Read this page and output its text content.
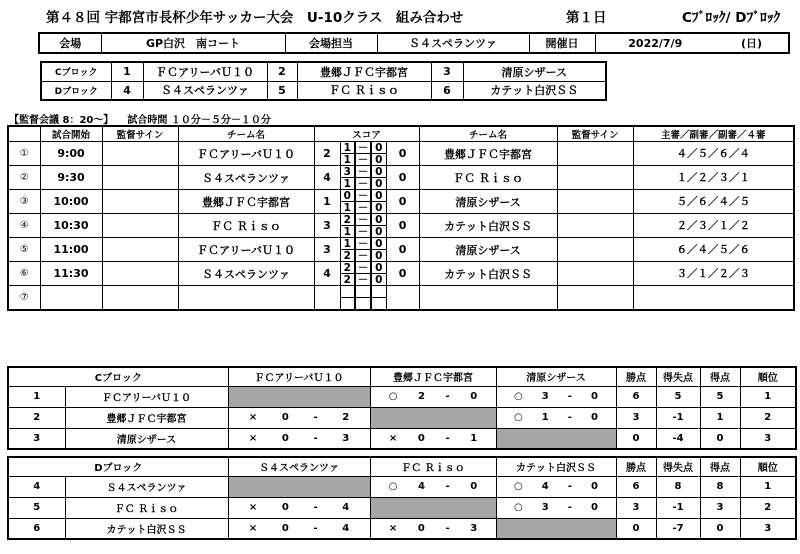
第４８回 宇都宮市長杯少年サッカー大会　U-10クラス　組み合わせ	第１日	Cﾌﾞﾛｯｸ/ Dﾌﾞﾛｯｸ
会場	GP白沢　南コート	会場担当	Ｓ４スペランツァ	開催日	2022/7/9	(日)
Cブロック	1	ＦＣアリーバＵ１０	2	豊郷ＪＦＣ宇都宮	3	清原シザース
Dブロック	4	Ｓ４スペランツァ	5	ＦＣ Ｒｉｓｏ	6	カテット白沢ＳＳ
【監督会議 8：20～】 試合時間 １０分－５分－１０分
	試合開始	監督サイン	チーム名	スコア					チーム名	監督サイン	主審／副審／副審／４審
①	9:00		ＦＣアリーバＵ１０	2	1	－	0	0	豊郷ＪＦＣ宇都宮		４／５／６／４
					1	－	0				
②	9:30		Ｓ４スペランツァ	4	3	－	0	0	ＦＣ Ｒｉｓｏ		１／２／３／１
					1	－	0				
③	10:00		豊郷ＪＦＣ宇都宮	1	0	－	0	0	清原シザース		５／６／４／５
					1	－	0				
④	10:30		ＦＣ Ｒｉｓｏ	3	2	－	0	0	カテット白沢ＳＳ		２／３／１／２
					1	－	0				
⑤	11:00		ＦＣアリーバＵ１０	3	1	－	0	0	清原シザース		６／４／５／６
					2	－	0				
⑥	11:30		Ｓ４スペランツァ	4	2	－	0	0	カテット白沢ＳＳ		３／１／２／３
					2	－	0				
⑦											

Cブロック		ＦＣアリーバＵ１０	豊郷ＪＦＣ宇都宮	清原シザース	勝点	得失点	得点	順位
1	ＦＣアリーバＵ１０		○ 2 - 0	○ 3 - 0	6	5	5	1
2	豊郷ＪＦＣ宇都宮	× 0 - 2		○ 1 - 0	3	-1	1	2
3	清原シザース	× 0 - 3	× 0 - 1		0	-4	0	3
Dブロック		Ｓ４スペランツァ	ＦＣ Ｒｉｓｏ	カテット白沢ＳＳ	勝点	得失点	得点	順位
4	Ｓ４スペランツァ		○ 4 - 0	○ 4 - 0	6	8	8	1
5	ＦＣ Ｒｉｓｏ	× 0 - 4		○ 3 - 0	3	-1	3	2
6	カテット白沢ＳＳ	× 0 - 4	× 0 - 3		0	-7	0	3
